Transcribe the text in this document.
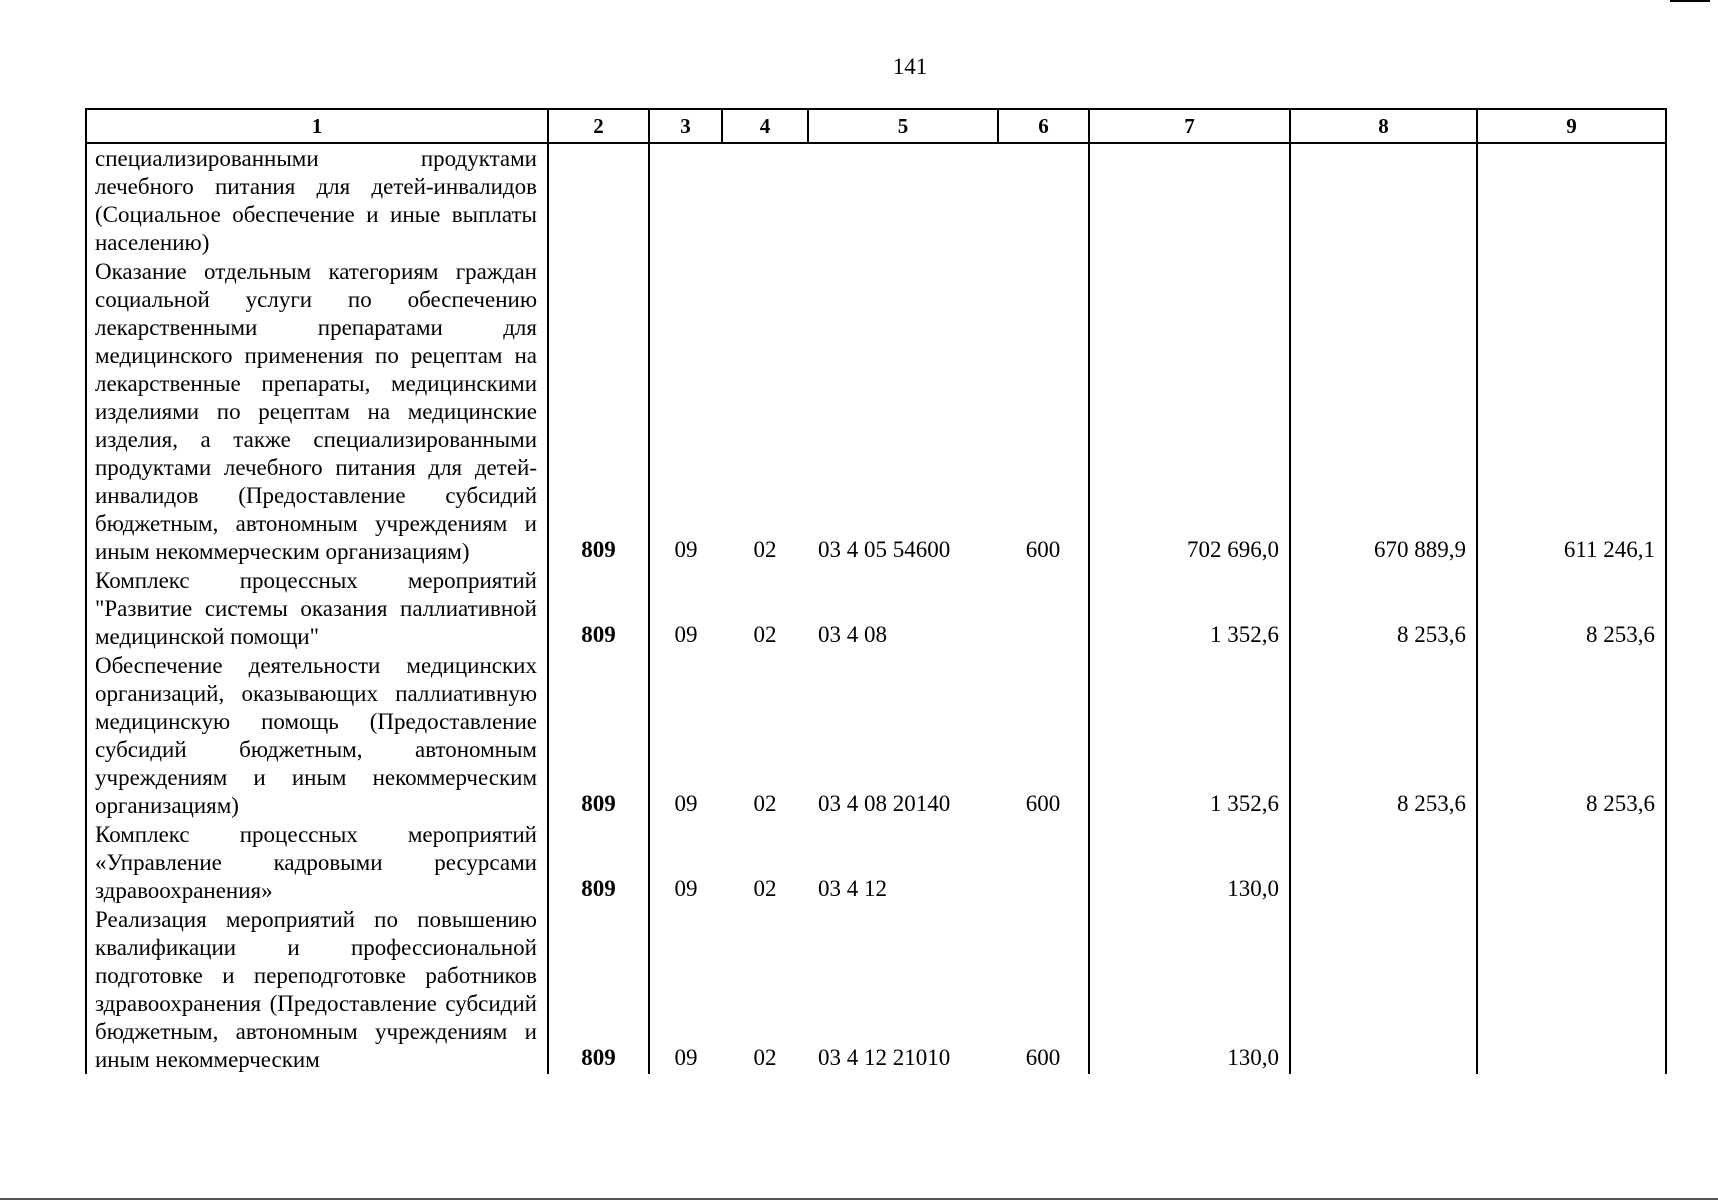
141
1	2	3	4	5	6	7	8	9
специализированными продуктами лечебного питания для детей-инвалидов (Социальное обеспечение и иные выплаты населению)								
Оказание отдельным категориям граждан социальной услуги по обеспечению лекарственными препаратами для медицинского применения по рецептам на лекарственные препараты, медицинскими изделиями по рецептам на медицинские изделия, а также специализированными продуктами лечебного питания для детей-инвалидов (Предоставление субсидий бюджетным, автономным учреждениям и иным некоммерческим организациям)	809	09	02	03 4 05 54600	600	702 696,0	670 889,9	611 246,1
Комплекс процессных мероприятий "Развитие системы оказания паллиативной медицинской помощи"	809	09	02	03 4 08		1 352,6	8 253,6	8 253,6
Обеспечение деятельности медицинских организаций, оказывающих паллиативную медицинскую помощь (Предоставление субсидий бюджетным, автономным учреждениям и иным некоммерческим организациям)	809	09	02	03 4 08 20140	600	1 352,6	8 253,6	8 253,6
Комплекс процессных мероприятий «Управление кадровыми ресурсами здравоохранения»	809	09	02	03 4 12		130,0		
Реализация мероприятий по повышению квалификации и профессиональной подготовке и переподготовке работников здравоохранения (Предоставление субсидий бюджетным, автономным учреждениям и иным некоммерческим	809	09	02	03 4 12 21010	600	130,0		
